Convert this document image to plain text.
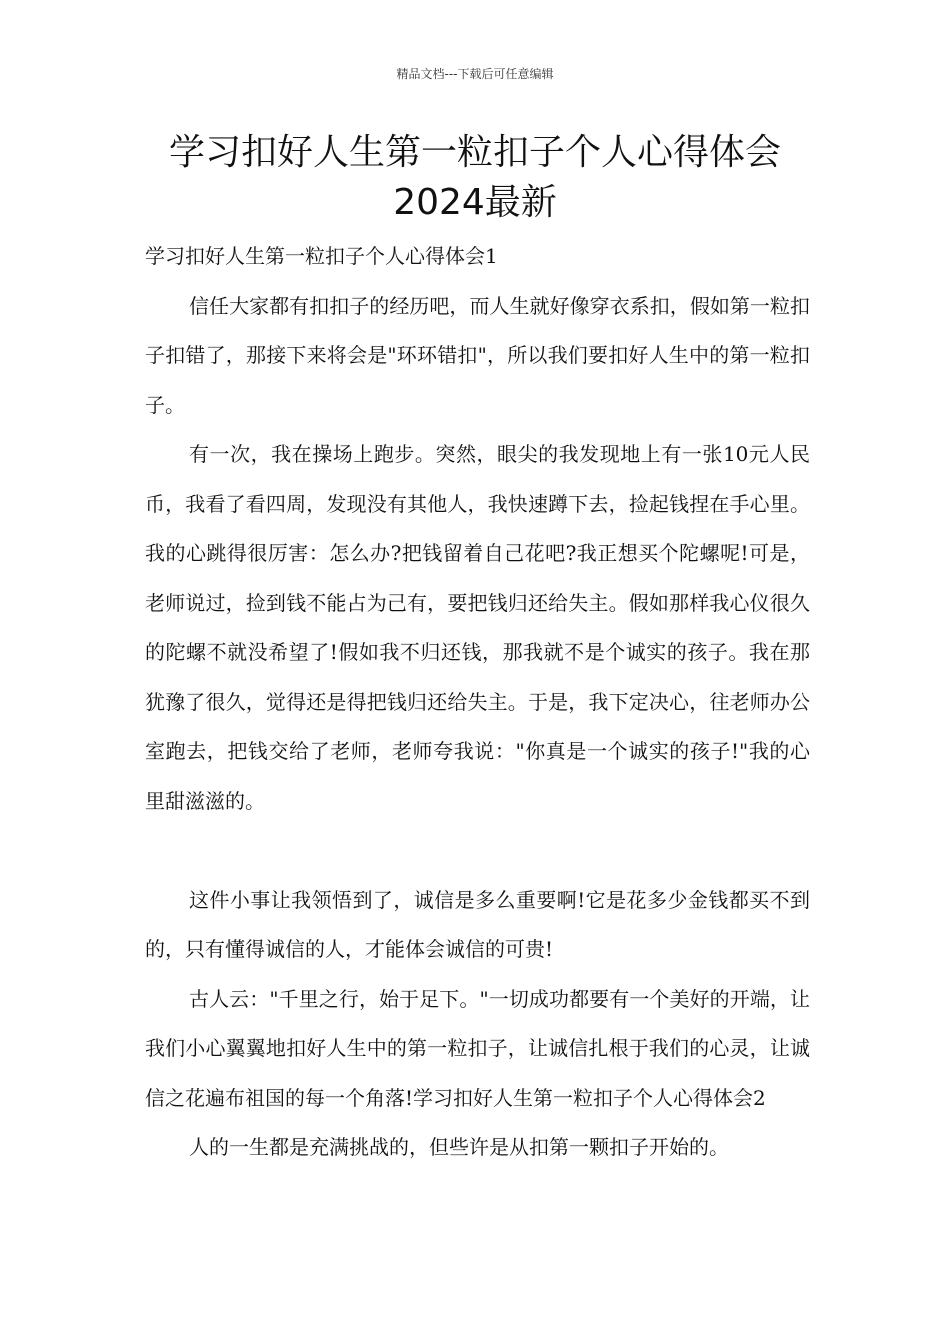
精品文档---下载后可任意编辑
学习扣好人生第一粒扣子个人心得体会
2024最新

学习扣好人生第一粒扣子个人心得体会1

信任大家都有扣扣子的经历吧，而人生就好像穿衣系扣，假如第一粒扣子扣错了，那接下来将会是"环环错扣"，所以我们要扣好人生中的第一粒扣子。

有一次，我在操场上跑步。突然，眼尖的我发现地上有一张10元人民币，我看了看四周，发现没有其他人，我快速蹲下去，捡起钱捏在手心里。我的心跳得很厉害：怎么办?把钱留着自己花吧?我正想买个陀螺呢!可是，老师说过，捡到钱不能占为己有，要把钱归还给失主。假如那样我心仪很久的陀螺不就没希望了!假如我不归还钱，那我就不是个诚实的孩子。我在那犹豫了很久，觉得还是得把钱归还给失主。于是，我下定决心，往老师办公室跑去，把钱交给了老师，老师夸我说："你真是一个诚实的孩子!"我的心里甜滋滋的。

这件小事让我领悟到了，诚信是多么重要啊!它是花多少金钱都买不到的，只有懂得诚信的人，才能体会诚信的可贵!

古人云："千里之行，始于足下。"一切成功都要有一个美好的开端，让我们小心翼翼地扣好人生中的第一粒扣子，让诚信扎根于我们的心灵，让诚信之花遍布祖国的每一个角落!学习扣好人生第一粒扣子个人心得体会2

人的一生都是充满挑战的，但些许是从扣第一颗扣子开始的。
